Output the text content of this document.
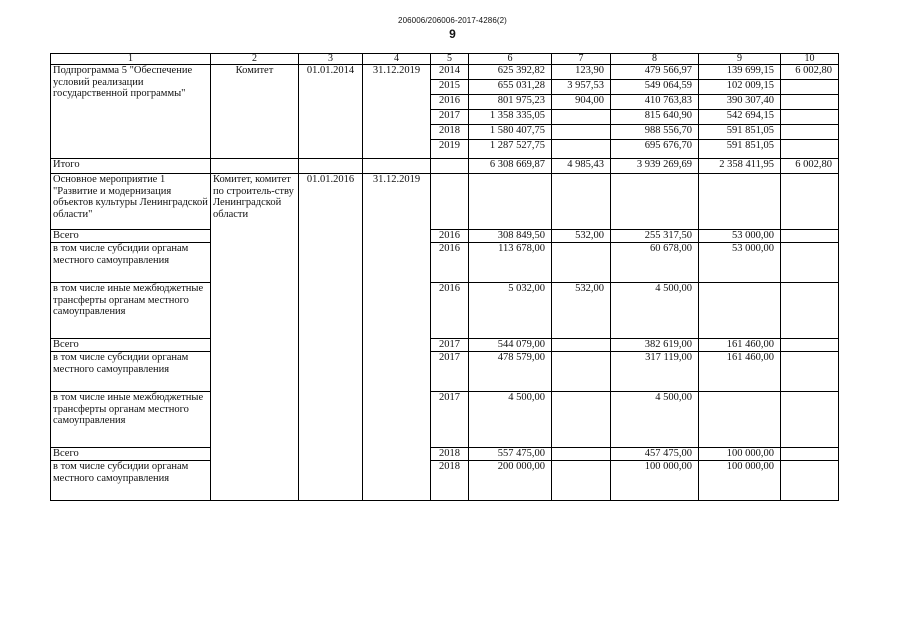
206006/206006-2017-4286(2)
9
1	2	3	4	5	6	7	8	9	10
Подпрограмма 5 "Обеспечение условий реализации государственной программы"	Комитет	01.01.2014	31.12.2019	2014	625 392,82	123,90	479 566,97	139 699,15	6 002,80
				2015	655 031,28	3 957,53	549 064,59	102 009,15	
				2016	801 975,23	904,00	410 763,83	390 307,40	
				2017	1 358 335,05		815 640,90	542 694,15	
				2018	1 580 407,75		988 556,70	591 851,05	
				2019	1 287 527,75		695 676,70	591 851,05	
Итого					6 308 669,87	4 985,43	3 939 269,69	2 358 411,95	6 002,80
Основное мероприятие 1 "Развитие и модернизация объектов культуры Ленинградской области"	Комитет, комитет по строитель-ству Ленинградской области	01.01.2016	31.12.2019						
Всего				2016	308 849,50	532,00	255 317,50	53 000,00	
в том числе субсидии органам местного самоуправления				2016	113 678,00		60 678,00	53 000,00	
в том числе иные межбюджетные трансферты органам местного самоуправления				2016	5 032,00	532,00	4 500,00		
Всего				2017	544 079,00		382 619,00	161 460,00	
в том числе субсидии органам местного самоуправления				2017	478 579,00		317 119,00	161 460,00	
в том числе иные межбюджетные трансферты органам местного самоуправления				2017	4 500,00		4 500,00		
Всего				2018	557 475,00		457 475,00	100 000,00	
в том числе субсидии органам местного самоуправления				2018	200 000,00		100 000,00	100 000,00	
